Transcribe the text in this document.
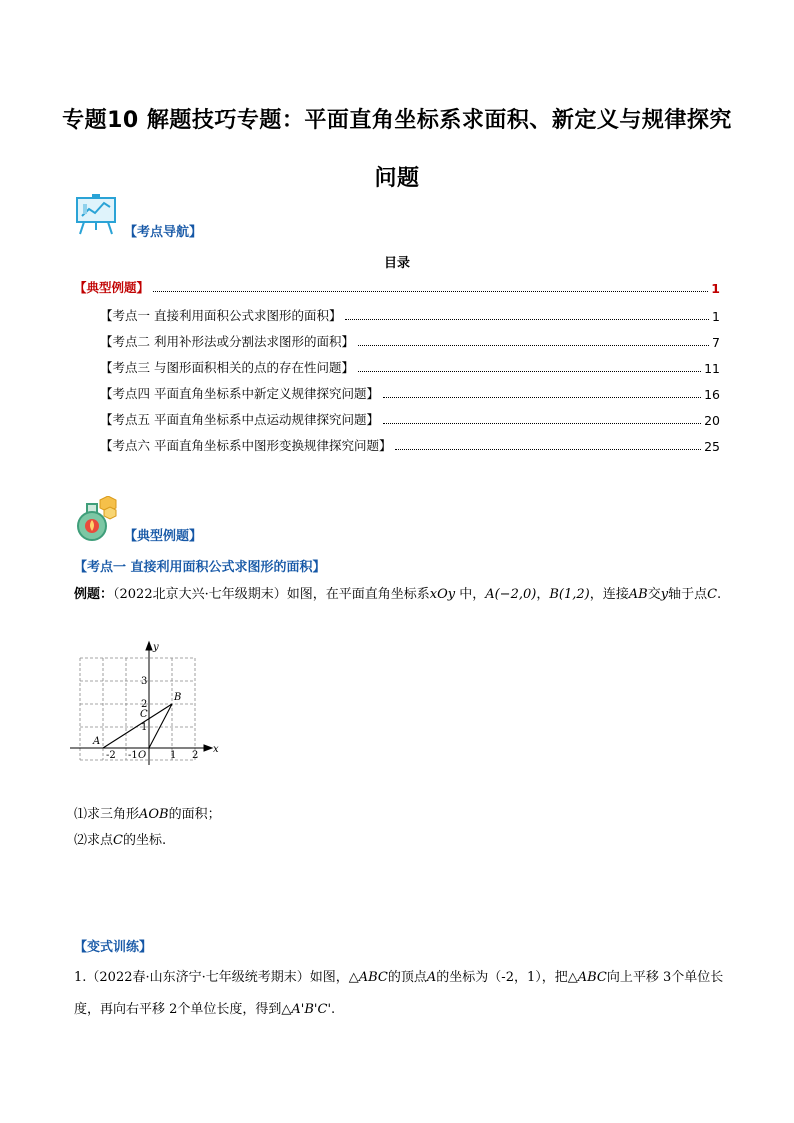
专题10 解题技巧专题：平面直角坐标系求面积、新定义与规律探究问题
【考点导航】
目录
【典型例题】	1
【考点一 直接利用面积公式求图形的面积】	1
【考点二 利用补形法或分割法求图形的面积】	7
【考点三 与图形面积相关的点的存在性问题】	11
【考点四 平面直角坐标系中新定义规律探究问题】	16
【考点五 平面直角坐标系中点运动规律探究问题】	20
【考点六 平面直角坐标系中图形变换规律探究问题】	25
【典型例题】
【考点一 直接利用面积公式求图形的面积】
例题：（2022北京大兴·七年级期末）如图，在平面直角坐标系xOy 中，A(−2,0)，B(1,2)，连接AB交y轴于点C.
x
y
A
B
C
O
-2 -1	1 2
1
2
3
⑴求三角形AOB的面积；
⑵求点C的坐标.
【变式训练】
1.（2022春·山东济宁·七年级统考期末）如图，△ABC的顶点A的坐标为（-2，1），把△ABC向上平移 3个单位长度，再向右平移 2个单位长度，得到△A'B'C'.
